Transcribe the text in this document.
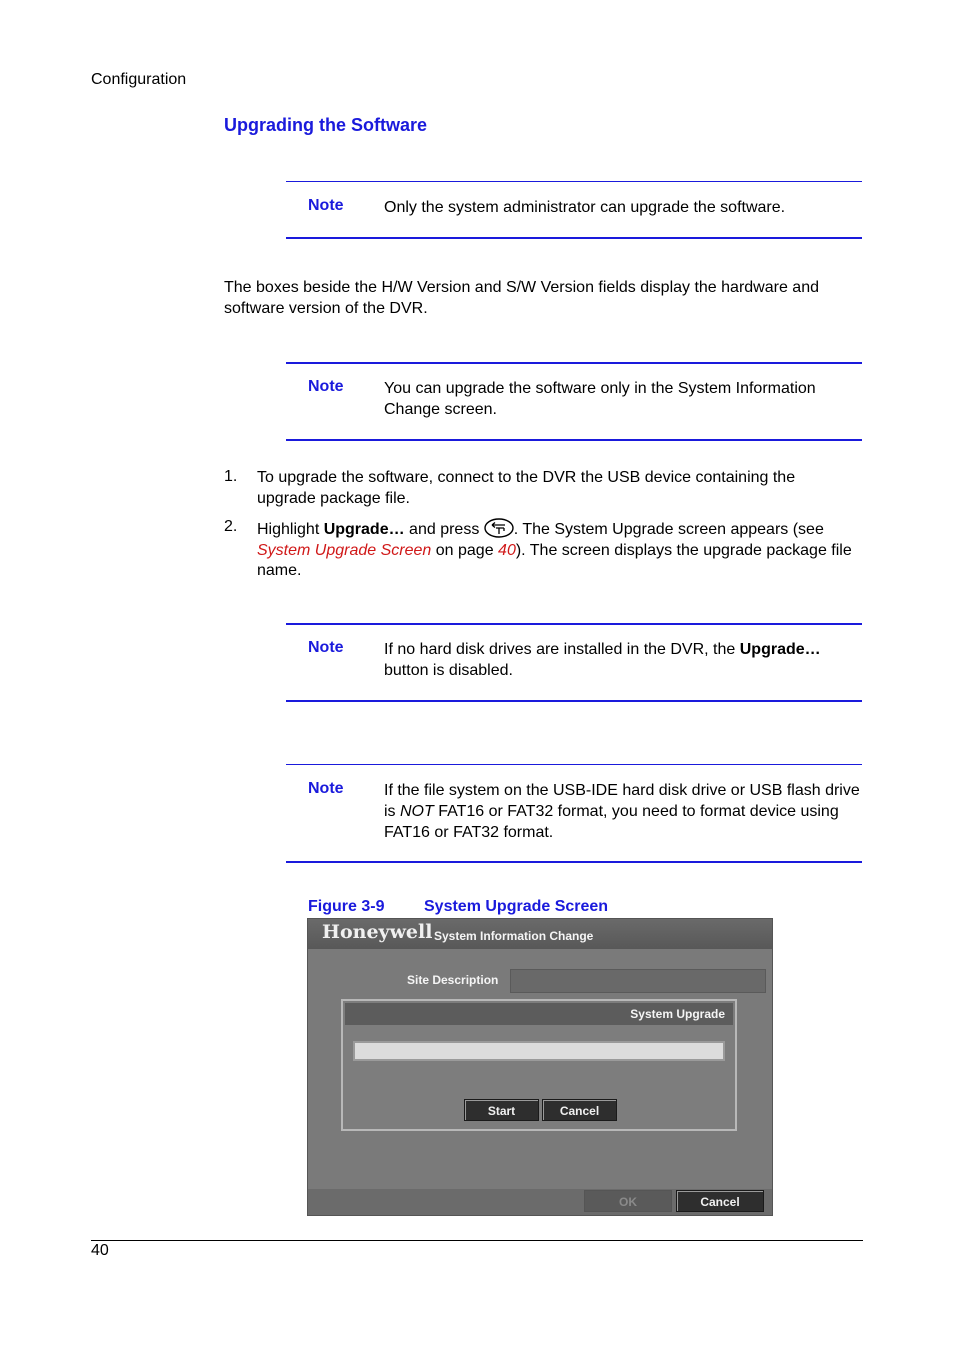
Configuration
Upgrading the Software
Note	Only the system administrator can upgrade the software.
The boxes beside the H/W Version and S/W Version fields display the hardware and software version of the DVR.
Note	You can upgrade the software only in the System Information Change screen.
1. To upgrade the software, connect to the DVR the USB device containing the upgrade package file.
2. Highlight Upgrade… and press . The System Upgrade screen appears (see System Upgrade Screen on page 40). The screen displays the upgrade package file name.
Note	If no hard disk drives are installed in the DVR, the Upgrade… button is disabled.
Note	If the file system on the USB-IDE hard disk drive or USB flash drive is NOT FAT16 or FAT32 format, you need to format device using FAT16 or FAT32 format.
Figure 3-9 System Upgrade Screen
Honeywell System Information Change
Site Description
System Upgrade
Start	Cancel
OK	Cancel
40
